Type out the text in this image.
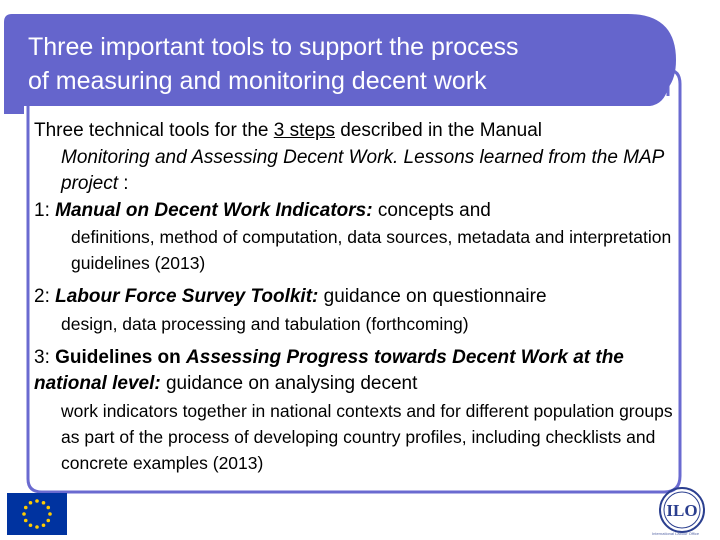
Three important tools to support the process
of measuring and monitoring decent work

Three technical tools for the 3 steps described in the Manual

Monitoring and Assessing Decent Work. Lessons learned from the MAP project :

1: Manual on Decent Work Indicators: concepts and

definitions, method of computation, data sources, metadata and interpretation guidelines (2013)

2: Labour Force Survey Toolkit: guidance on questionnaire

design, data processing and tabulation (forthcoming)

3: Guidelines on Assessing Progress towards Decent Work at the national level: guidance on analysing decent

work indicators together in national contexts and for different population groups as part of the process of developing country profiles, including checklists and concrete examples (2013)

ILO
International Labour Office
